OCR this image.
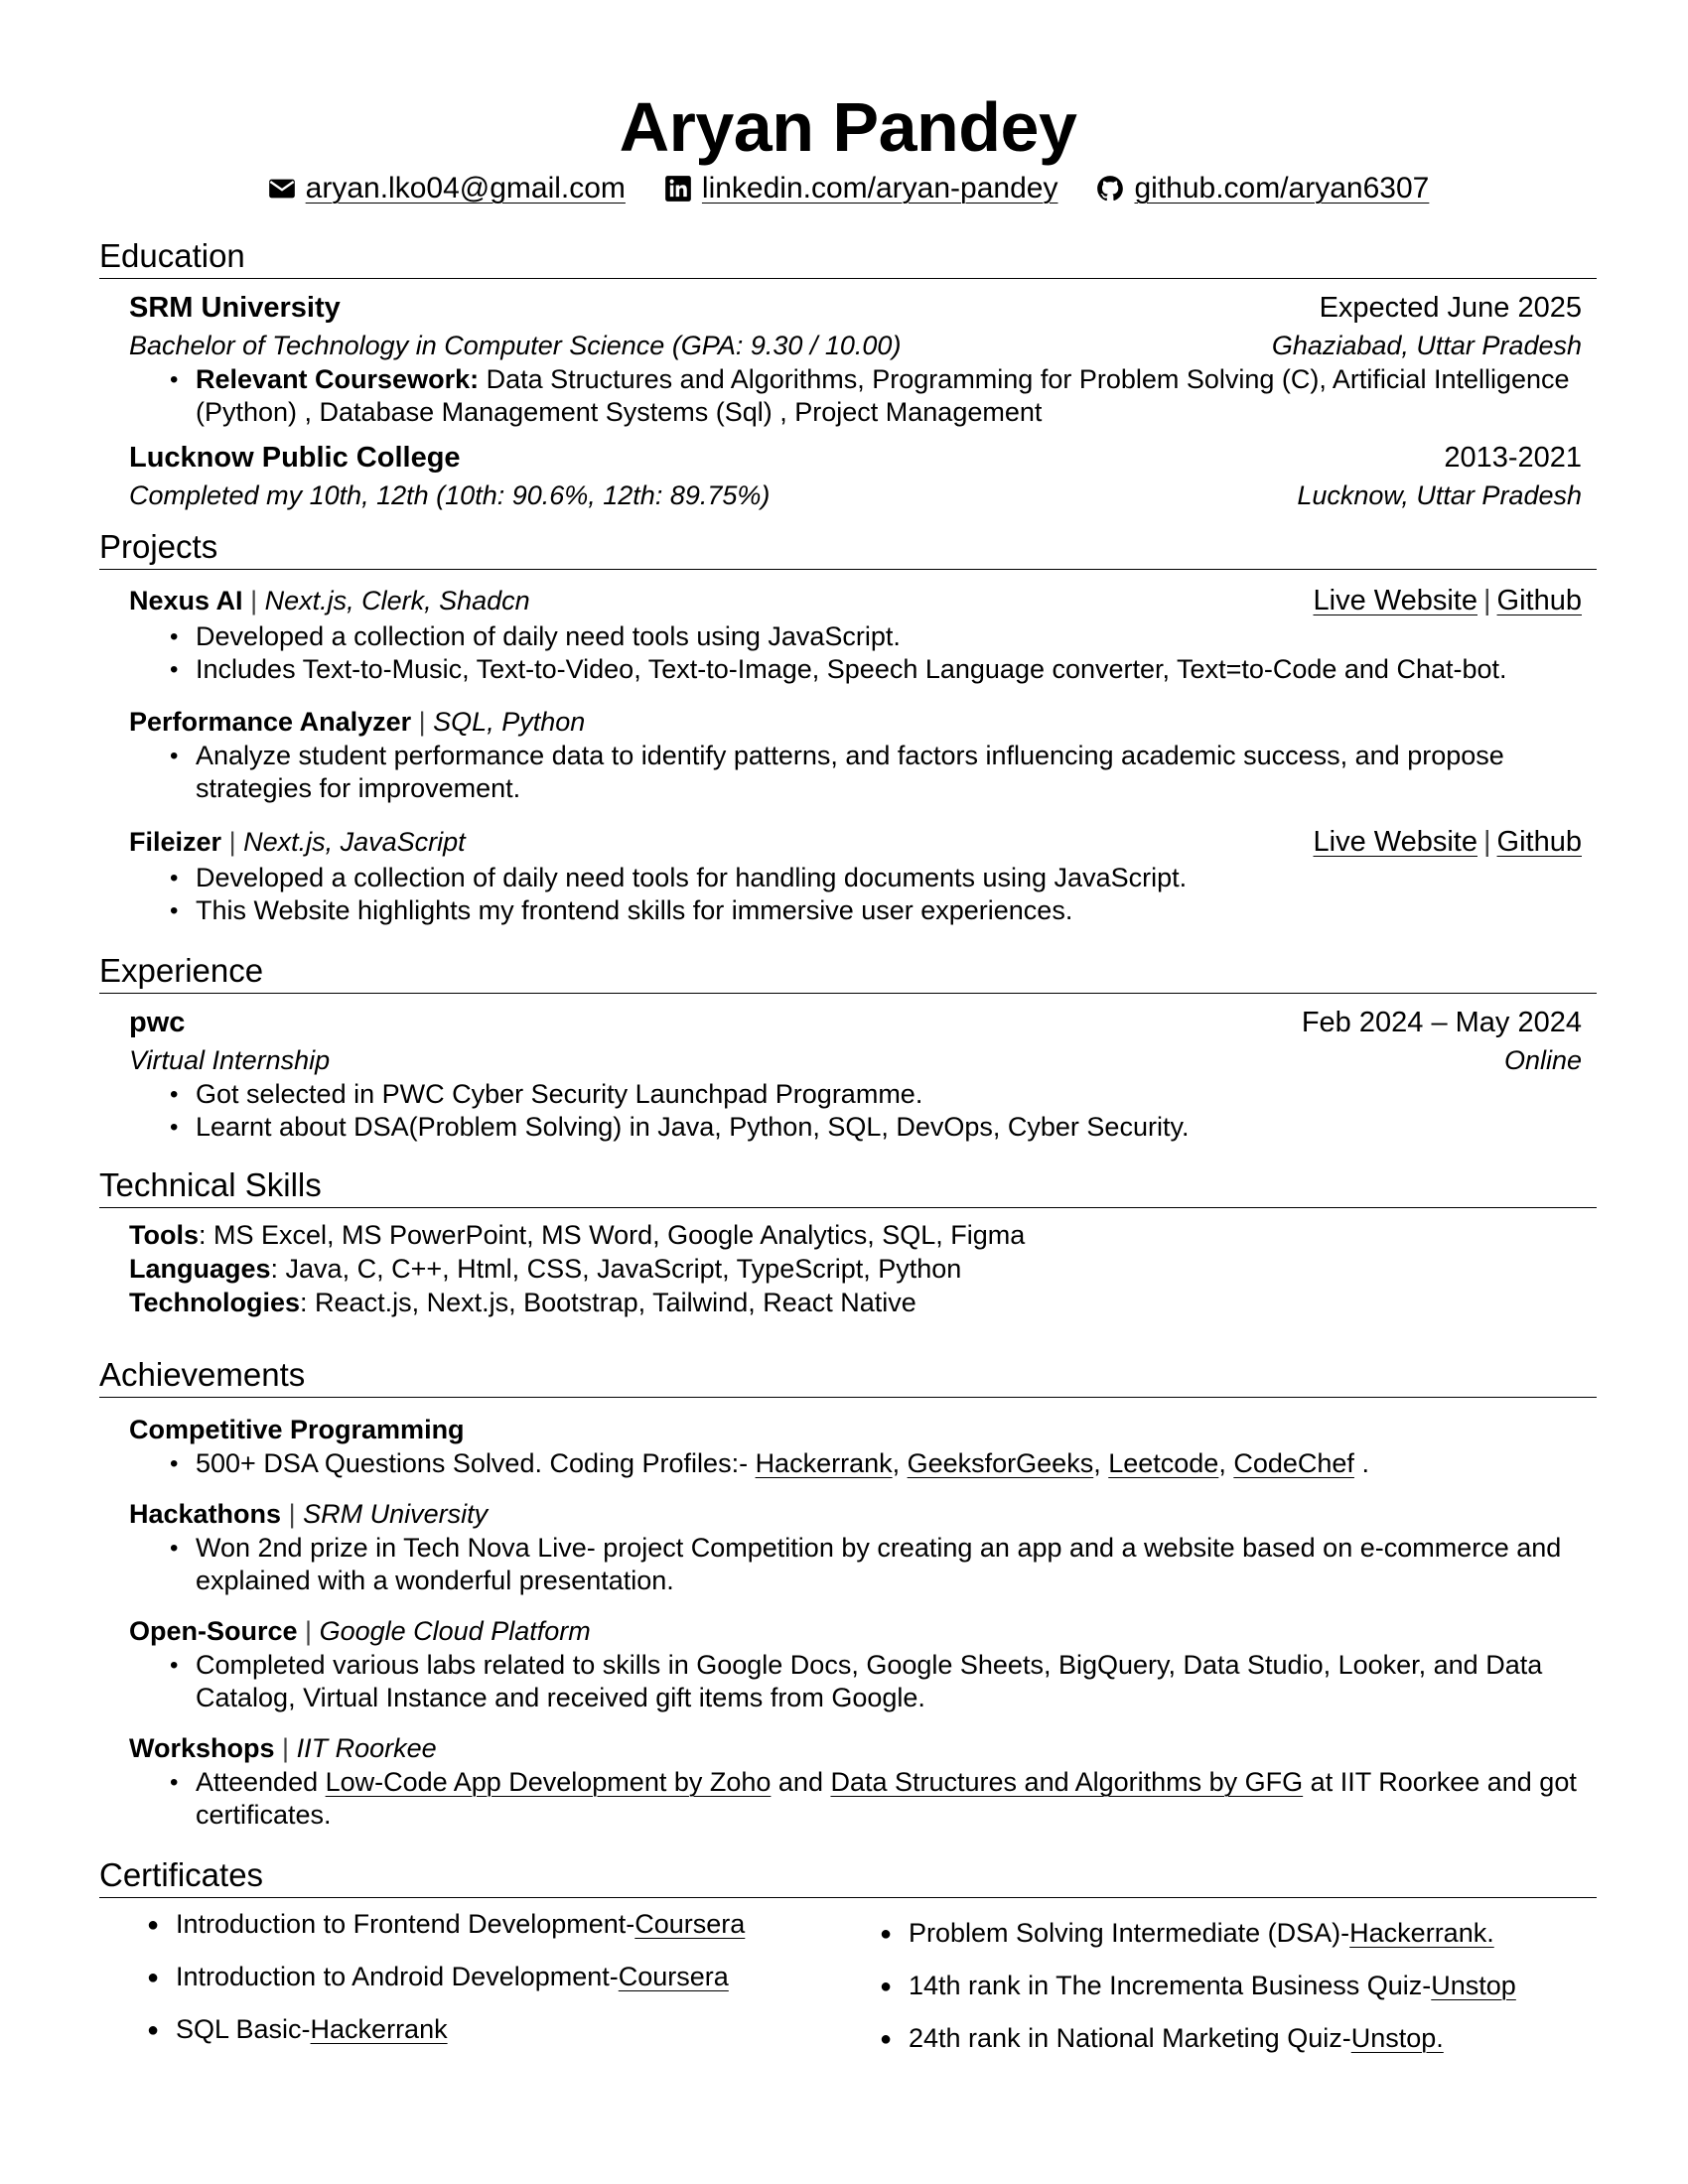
Aryan Pandey
aryan.lko04@gmail.com	linkedin.com/aryan-pandey	github.com/aryan6307
Education
SRM University	Expected June 2025
Bachelor of Technology in Computer Science (GPA: 9.30 / 10.00)	Ghaziabad, Uttar Pradesh
• Relevant Coursework: Data Structures and Algorithms, Programming for Problem Solving (C), Artificial Intelligence (Python) , Database Management Systems (Sql) , Project Management
Lucknow Public College	2013-2021
Completed my 10th, 12th (10th: 90.6%, 12th: 89.75%)	Lucknow, Uttar Pradesh
Projects
Nexus AI | Next.js, Clerk, Shadcn	Live Website | Github
• Developed a collection of daily need tools using JavaScript.
• Includes Text-to-Music, Text-to-Video, Text-to-Image, Speech Language converter, Text=to-Code and Chat-bot.
Performance Analyzer | SQL, Python
• Analyze student performance data to identify patterns, and factors influencing academic success, and propose strategies for improvement.
Fileizer | Next.js, JavaScript	Live Website | Github
• Developed a collection of daily need tools for handling documents using JavaScript.
• This Website highlights my frontend skills for immersive user experiences.
Experience
pwc	Feb 2024 – May 2024
Virtual Internship	Online
• Got selected in PWC Cyber Security Launchpad Programme.
• Learnt about DSA(Problem Solving) in Java, Python, SQL, DevOps, Cyber Security.
Technical Skills
Tools: MS Excel, MS PowerPoint, MS Word, Google Analytics, SQL, Figma
Languages: Java, C, C++, Html, CSS, JavaScript, TypeScript, Python
Technologies: React.js, Next.js, Bootstrap, Tailwind, React Native
Achievements
Competitive Programming
• 500+ DSA Questions Solved. Coding Profiles:- Hackerrank, GeeksforGeeks, Leetcode, CodeChef .
Hackathons | SRM University
• Won 2nd prize in Tech Nova Live- project Competition by creating an app and a website based on e-commerce and explained with a wonderful presentation.
Open-Source | Google Cloud Platform
• Completed various labs related to skills in Google Docs, Google Sheets, BigQuery, Data Studio, Looker, and Data Catalog, Virtual Instance and received gift items from Google.
Workshops | IIT Roorkee
• Atteended Low-Code App Development by Zoho and Data Structures and Algorithms by GFG at IIT Roorkee and got certificates.
Certificates
● Introduction to Frontend Development-Coursera
● Introduction to Android Development-Coursera
● SQL Basic-Hackerrank
● Problem Solving Intermediate (DSA)-Hackerrank.
● 14th rank in The Incrementa Business Quiz-Unstop
● 24th rank in National Marketing Quiz-Unstop.
